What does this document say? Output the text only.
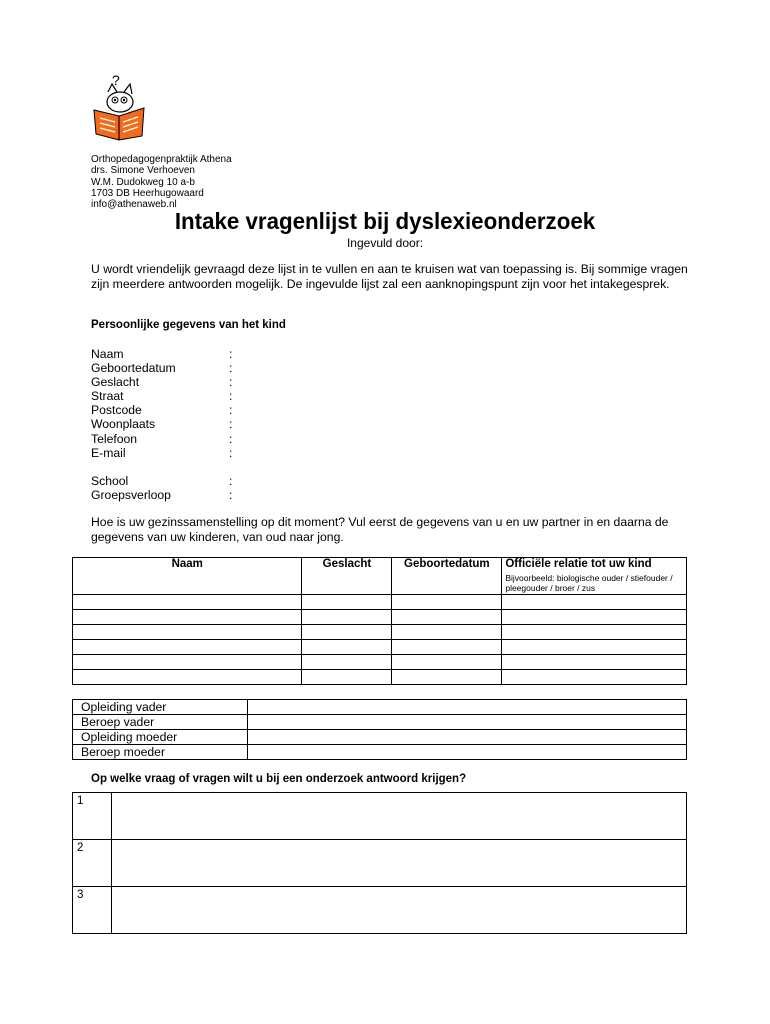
?
Orthopedagogenpraktijk Athena
drs. Simone Verhoeven
W.M. Dudokweg 10 a-b
1703 DB Heerhugowaard
info@athenaweb.nl
Intake vragenlijst bij dyslexieonderzoek
Ingevuld door:
U wordt vriendelijk gevraagd deze lijst in te vullen en aan te kruisen wat van toepassing is. Bij sommige vragen zijn meerdere antwoorden mogelijk. De ingevulde lijst zal een aanknopingspunt zijn voor het intakegesprek.
Persoonlijke gegevens van het kind
Naam	:
Geboortedatum	:
Geslacht	:
Straat	:
Postcode	:
Woonplaats	:
Telefoon	:
E-mail	:
School	:
Groepsverloop	:
Hoe is uw gezinssamenstelling op dit moment? Vul eerst de gegevens van u en uw partner in en daarna de gegevens van uw kinderen, van oud naar jong.
Naam	Geslacht	Geboortedatum	Officiële relatie tot uw kind
Bijvoorbeeld: biologische ouder / stiefouder / pleegouder / broer / zus

Opleiding vader	
Beroep vader	
Opleiding moeder	
Beroep moeder	
Op welke vraag of vragen wilt u bij een onderzoek antwoord krijgen?
1	
2	
3	
